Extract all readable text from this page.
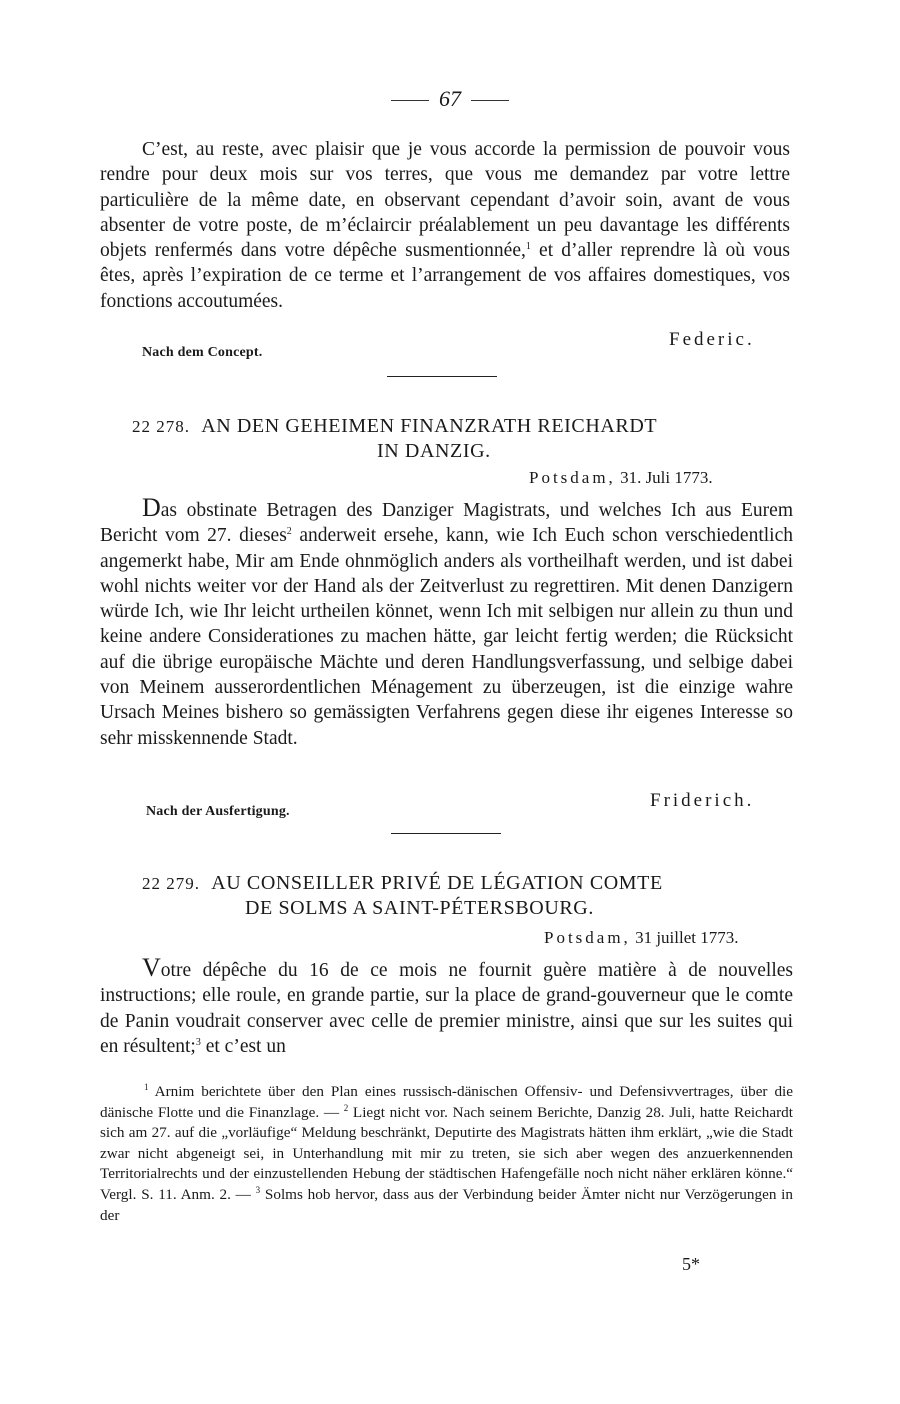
67
C’est, au reste, avec plaisir que je vous accorde la permission de pouvoir vous rendre pour deux mois sur vos terres, que vous me demandez par votre lettre particulière de la même date, en observant cependant d’avoir soin, avant de vous absenter de votre poste, de m’éclaircir préalablement un peu davantage les différents objets renfermés dans votre dépêche susmentionnée,$^1$ et d’aller reprendre là où vous êtes, après l’expiration de ce terme et l’arrangement de vos affaires domestiques, vos fonctions accoutumées.
Federic.
Nach dem Concept.
22 278. AN DEN GEHEIMEN FINANZRATH REICHARDT
IN DANZIG.
Potsdam, 31. Juli 1773.
Das obstinate Betragen des Danziger Magistrats, und welches Ich aus Eurem Bericht vom 27. dieses$^2$ anderweit ersehe, kann, wie Ich Euch schon verschiedentlich angemerkt habe, Mir am Ende ohnmöglich anders als vortheilhaft werden, und ist dabei wohl nichts weiter vor der Hand als der Zeitverlust zu regrettiren. Mit denen Danzigern würde Ich, wie Ihr leicht urtheilen könnet, wenn Ich mit selbigen nur allein zu thun und keine andere Considerationes zu machen hätte, gar leicht fertig werden; die Rücksicht auf die übrige europäische Mächte und deren Handlungsverfassung, und selbige dabei von Meinem ausserordentlichen Ménagement zu überzeugen, ist die einzige wahre Ursach Meines bishero so gemässigten Verfahrens gegen diese ihr eigenes Interesse so sehr misskennende Stadt.
Friderich.
Nach der Ausfertigung.
22 279. AU CONSEILLER PRIVÉ DE LÉGATION COMTE
DE SOLMS A SAINT-PÉTERSBOURG.
Potsdam, 31 juillet 1773.
Votre dépêche du 16 de ce mois ne fournit guère matière à de nouvelles instructions; elle roule, en grande partie, sur la place de grand-gouverneur que le comte de Panin voudrait conserver avec celle de premier ministre, ainsi que sur les suites qui en résultent;$^3$ et c’est un
$^1$ Arnim berichtete über den Plan eines russisch-dänischen Offensiv- und Defensivvertrages, über die dänische Flotte und die Finanzlage. — $^2$ Liegt nicht vor. Nach seinem Berichte, Danzig 28. Juli, hatte Reichardt sich am 27. auf die „vorläufige“ Meldung beschränkt, Deputirte des Magistrats hätten ihm erklärt, „wie die Stadt zwar nicht abgeneigt sei, in Unterhandlung mit mir zu treten, sie sich aber wegen des anzuerkennenden Territorialrechts und der einzustellenden Hebung der städtischen Hafengefälle noch nicht näher erklären könne.“ Vergl. S. 11. Anm. 2. — $^3$ Solms hob hervor, dass aus der Verbindung beider Ämter nicht nur Verzögerungen in der
5*
